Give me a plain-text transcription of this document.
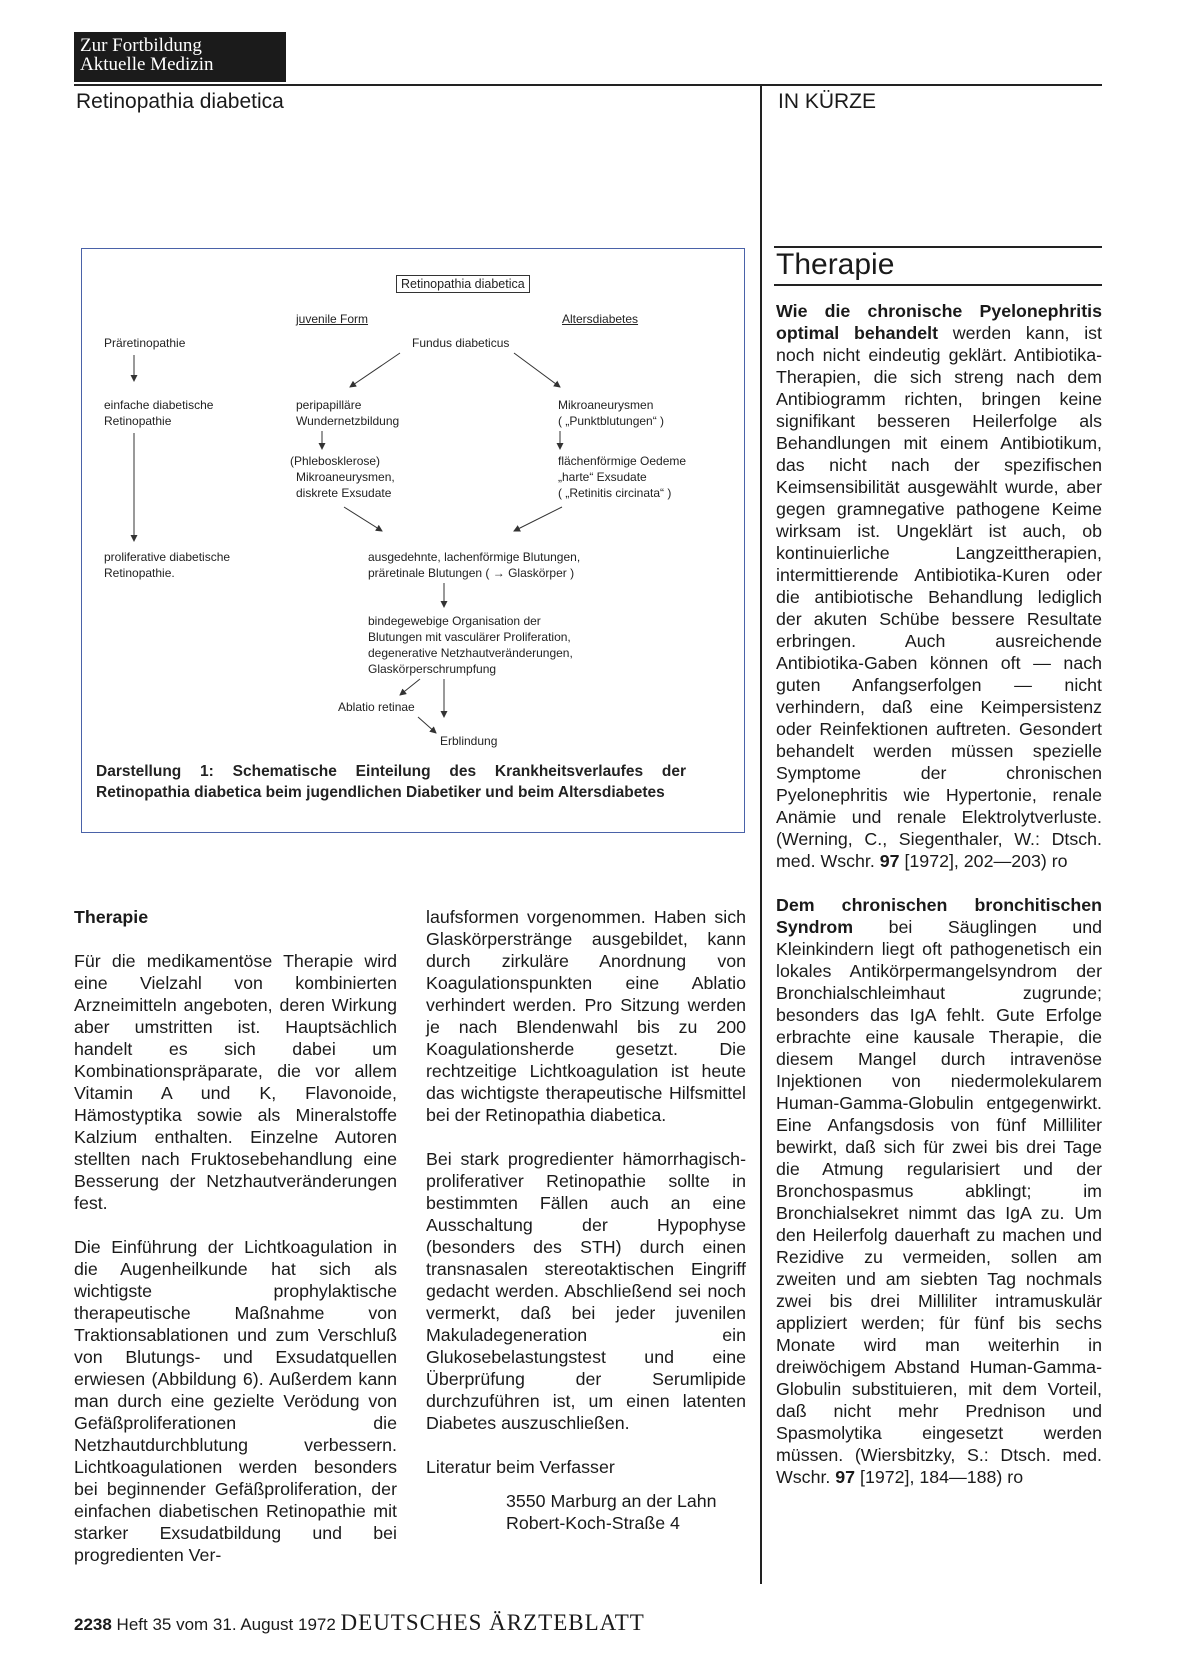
Zur Fortbildung
Aktuelle Medizin
Retinopathia diabetica	IN KÜRZE
Retinopathia diabetica
juvenile Form	Altersdiabetes
Präretinopathie	Fundus diabeticus
einfache diabetische
Retinopathie
peripapilläre
Wundernetzbildung
Mikroaneurysmen
( „Punktblutungen“ )
(Phlebosklerose)
Mikroaneurysmen,
diskrete Exsudate
flächenförmige Oedeme
„harte“ Exsudate
( „Retinitis circinata“ )
proliferative diabetische
Retinopathie.
ausgedehnte, lachenförmige Blutungen,
präretinale Blutungen ( → Glaskörper )
bindegewebige Organisation der
Blutungen mit vasculärer Proliferation,
degenerative Netzhautveränderungen,
Glaskörperschrumpfung
Ablatio retinae
Erblindung
Darstellung 1: Schematische Einteilung des Krankheitsverlaufes der
Retinopathia diabetica beim jugendlichen Diabetiker und beim Altersdiabetes

Therapie

Für die medikamentöse Therapie wird eine Vielzahl von kombinierten Arzneimitteln angeboten, deren Wirkung aber umstritten ist. Hauptsächlich handelt es sich dabei um Kombinationspräparate, die vor allem Vitamin A und K, Flavonoide, Hämostyptika sowie als Mineralstoffe Kalzium enthalten. Einzelne Autoren stellten nach Fruktosebehandlung eine Besserung der Netzhautveränderungen fest.

Die Einführung der Lichtkoagulation in die Augenheilkunde hat sich als wichtigste prophylaktische therapeutische Maßnahme von Traktionsablationen und zum Verschluß von Blutungs- und Exsudatquellen erwiesen (Abbildung 6). Außerdem kann man durch eine gezielte Verödung von Gefäßproliferationen die Netzhautdurchblutung verbessern. Lichtkoagulationen werden besonders bei beginnender Gefäßproliferation, der einfachen diabetischen Retinopathie mit starker Exsudatbildung und bei progredienten Ver-

laufsformen vorgenommen. Haben sich Glaskörperstränge ausgebildet, kann durch zirkuläre Anordnung von Koagulationspunkten eine Ablatio verhindert werden. Pro Sitzung werden je nach Blendenwahl bis zu 200 Koagulationsherde gesetzt. Die rechtzeitige Lichtkoagulation ist heute das wichtigste therapeutische Hilfsmittel bei der Retinopathia diabetica.

Bei stark progredienter hämorrhagisch-proliferativer Retinopathie sollte in bestimmten Fällen auch an eine Ausschaltung der Hypophyse (besonders des STH) durch einen transnasalen stereotaktischen Eingriff gedacht werden. Abschließend sei noch vermerkt, daß bei jeder juvenilen Makuladegeneration ein Glukosebelastungstest und eine Überprüfung der Serumlipide durchzuführen ist, um einen latenten Diabetes auszuschließen.

Literatur beim Verfasser

3550 Marburg an der Lahn
Robert-Koch-Straße 4
Therapie

Wie die chronische Pyelonephritis optimal behandelt werden kann, ist noch nicht eindeutig geklärt. Antibiotika-Therapien, die sich streng nach dem Antibiogramm richten, bringen keine signifikant besseren Heilerfolge als Behandlungen mit einem Antibiotikum, das nicht nach der spezifischen Keimsensibilität ausgewählt wurde, aber gegen gramnegative pathogene Keime wirksam ist. Ungeklärt ist auch, ob kontinuierliche Langzeittherapien, intermittierende Antibiotika-Kuren oder die antibiotische Behandlung lediglich der akuten Schübe bessere Resultate erbringen. Auch ausreichende Antibiotika-Gaben können oft — nach guten Anfangserfolgen — nicht verhindern, daß eine Keimpersistenz oder Reinfektionen auftreten. Gesondert behandelt werden müssen spezielle Symptome der chronischen Pyelonephritis wie Hypertonie, renale Anämie und renale Elektrolytverluste. (Werning, C., Siegenthaler, W.: Dtsch. med. Wschr. 97 [1972], 202—203) ro

Dem chronischen bronchitischen Syndrom bei Säuglingen und Kleinkindern liegt oft pathogenetisch ein lokales Antikörpermangelsyndrom der Bronchialschleimhaut zugrunde; besonders das IgA fehlt. Gute Erfolge erbrachte eine kausale Therapie, die diesem Mangel durch intravenöse Injektionen von niedermolekularem Human-Gamma-Globulin entgegenwirkt. Eine Anfangsdosis von fünf Milliliter bewirkt, daß sich für zwei bis drei Tage die Atmung regularisiert und der Bronchospasmus abklingt; im Bronchialsekret nimmt das IgA zu. Um den Heilerfolg dauerhaft zu machen und Rezidive zu vermeiden, sollen am zweiten und am siebten Tag nochmals zwei bis drei Milliliter intramuskulär appliziert werden; für fünf bis sechs Monate wird man weiterhin in dreiwöchigem Abstand Human-Gamma-Globulin substituieren, mit dem Vorteil, daß nicht mehr Prednison und Spasmolytika eingesetzt werden müssen. (Wiersbitzky, S.: Dtsch. med. Wschr. 97 [1972], 184—188) ro

2238 Heft 35 vom 31. August 1972 DEUTSCHES ÄRZTEBLATT
